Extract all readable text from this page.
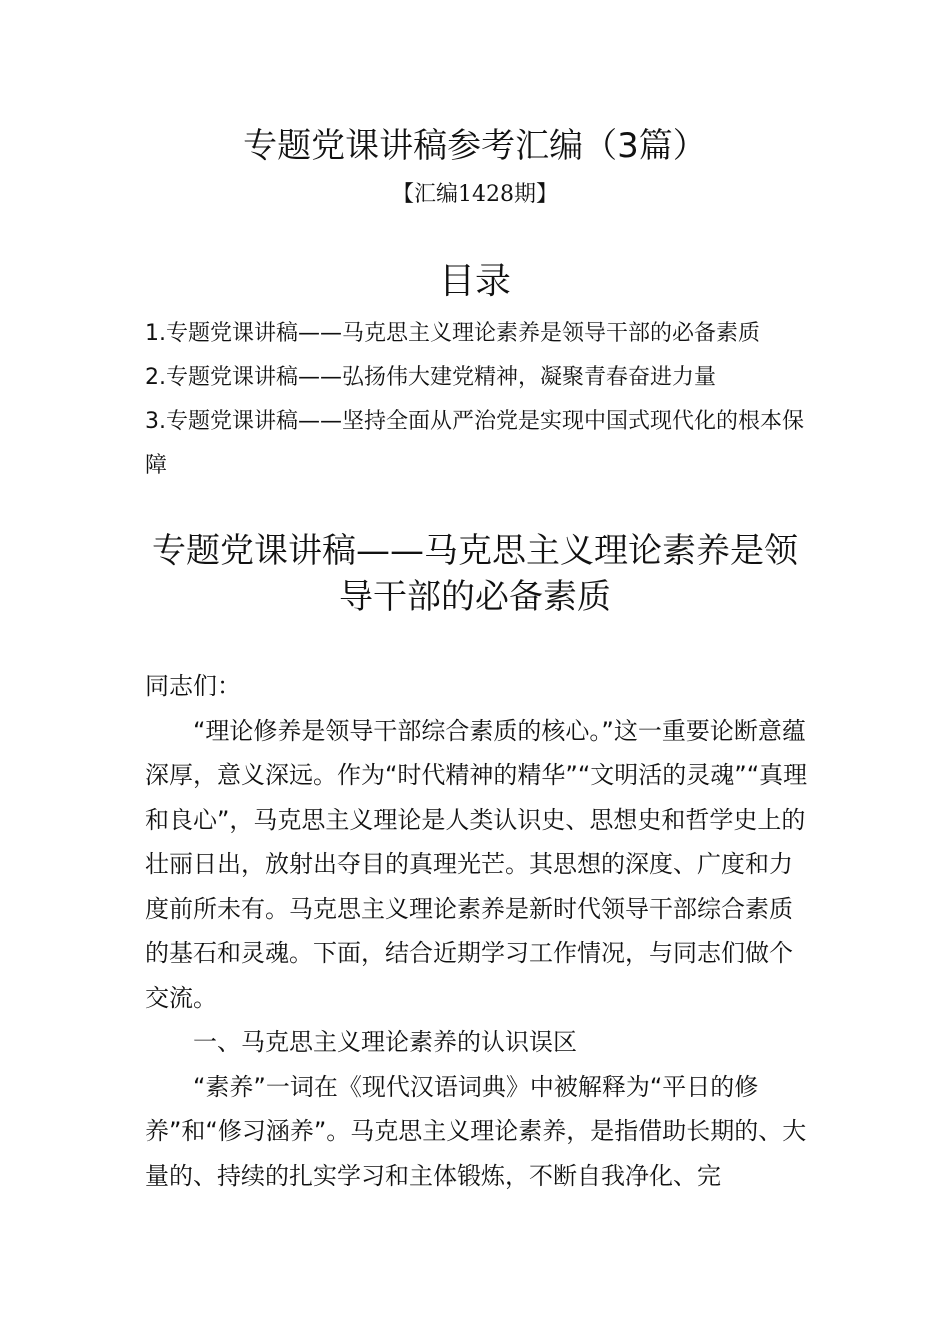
专题党课讲稿参考汇编（3篇）
【汇编1428期】
目录
1.专题党课讲稿——马克思主义理论素养是领导干部的必备素质
2.专题党课讲稿——弘扬伟大建党精神，凝聚青春奋进力量
3.专题党课讲稿——坚持全面从严治党是实现中国式现代化的根本保障
专题党课讲稿——马克思主义理论素养是领导干部的必备素质

同志们：

“理论修养是领导干部综合素质的核心。”这一重要论断意蕴深厚，意义深远。作为“时代精神的精华”“文明活的灵魂”“真理和良心”，马克思主义理论是人类认识史、思想史和哲学史上的壮丽日出，放射出夺目的真理光芒。其思想的深度、广度和力度前所未有。马克思主义理论素养是新时代领导干部综合素质的基石和灵魂。下面，结合近期学习工作情况，与同志们做个交流。

一、马克思主义理论素养的认识误区

“素养”一词在《现代汉语词典》中被解释为“平日的修养”和“修习涵养”。马克思主义理论素养，是指借助长期的、大量的、持续的扎实学习和主体锻炼，不断自我净化、完
